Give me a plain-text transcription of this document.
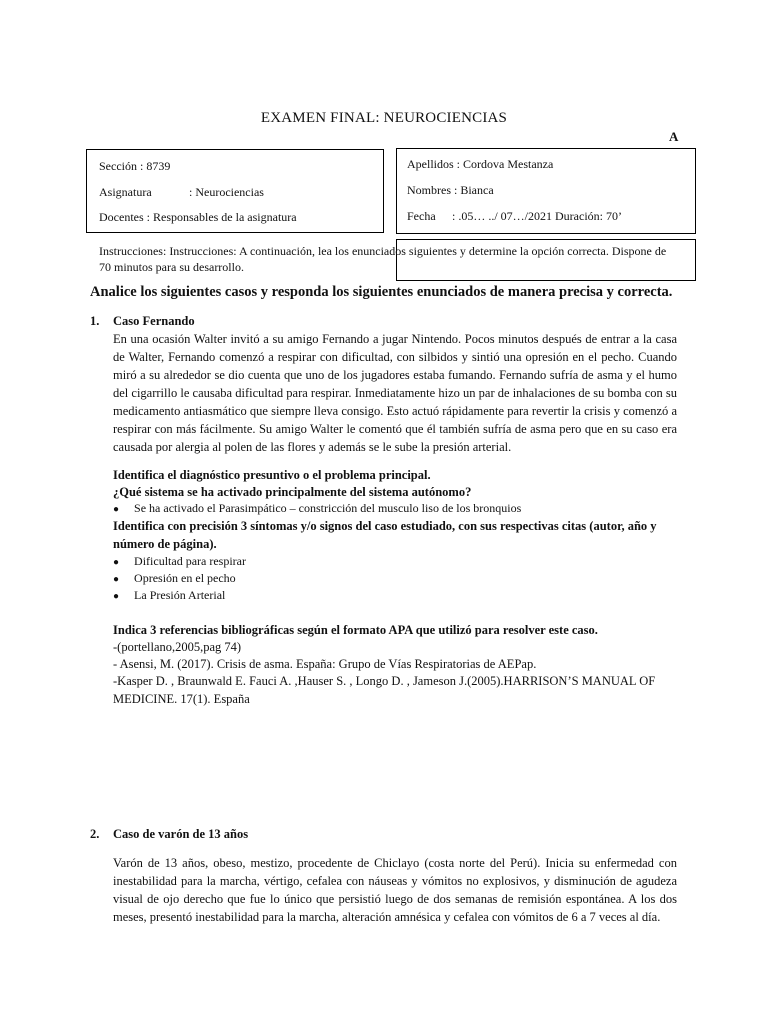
EXAMEN FINAL: NEUROCIENCIAS
A
Sección : 8739
Asignatura	: Neurociencias
Docentes : Responsables de la asignatura
Apellidos : Cordova Mestanza
Nombres : Bianca
Fecha : .05… ../ 07…/2021 Duración: 70’
Instrucciones: Instrucciones: A continuación, lea los enunciados siguientes y determine la opción correcta. Dispone de 70 minutos para su desarrollo.
Analice los siguientes casos y responda los siguientes enunciados de manera precisa y correcta.
1. Caso Fernando
En una ocasión Walter invitó a su amigo Fernando a jugar Nintendo. Pocos minutos después de entrar a la casa de Walter, Fernando comenzó a respirar con dificultad, con silbidos y sintió una opresión en el pecho. Cuando miró a su alrededor se dio cuenta que uno de los jugadores estaba fumando. Fernando sufría de asma y el humo del cigarrillo le causaba dificultad para respirar. Inmediatamente hizo un par de inhalaciones de su bomba con su medicamento antiasmático que siempre lleva consigo. Esto actuó rápidamente para revertir la crisis y comenzó a respirar con más fácilmente. Su amigo Walter le comentó que él también sufría de asma pero que en su caso era causada por alergia al polen de las flores y además se le sube la presión arterial.
Identifica el diagnóstico presuntivo o el problema principal.
¿Qué sistema se ha activado principalmente del sistema autónomo?
● Se ha activado el Parasimpático – constricción del musculo liso de los bronquios
Identifica con precisión 3 síntomas y/o signos del caso estudiado, con sus respectivas citas (autor, año y número de página).
● Dificultad para respirar
● Opresión en el pecho
● La Presión Arterial
Indica 3 referencias bibliográficas según el formato APA que utilizó para resolver este caso.
-(portellano,2005,pag 74)
- Asensi, M. (2017). Crisis de asma. España: Grupo de Vías Respiratorias de AEPap.
-Kasper D. , Braunwald E. Fauci A. ,Hauser S. , Longo D. , Jameson J.(2005).HARRISON’S MANUAL OF MEDICINE. 17(1). España
2. Caso de varón de 13 años
Varón de 13 años, obeso, mestizo, procedente de Chiclayo (costa norte del Perú). Inicia su enfermedad con inestabilidad para la marcha, vértigo, cefalea con náuseas y vómitos no explosivos, y disminución de agudeza visual de ojo derecho que fue lo único que persistió luego de dos semanas de remisión espontánea. A los dos meses, presentó inestabilidad para la marcha, alteración amnésica y cefalea con vómitos de 6 a 7 veces al día.
